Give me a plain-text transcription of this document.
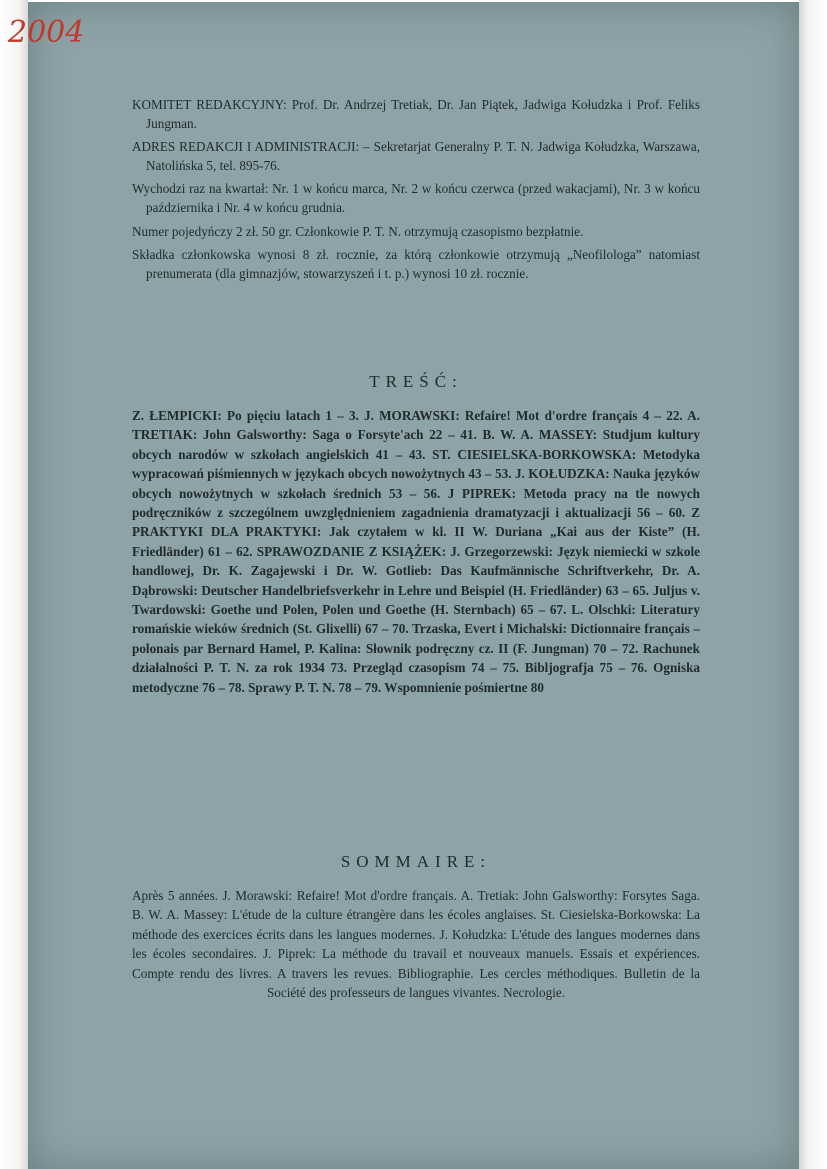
2004

KOMITET REDAKCYJNY: Prof. Dr. Andrzej Tretiak, Dr. Jan Piątek, Jadwiga Kołudzka i Prof. Feliks Jungman.

ADRES REDAKCJI I ADMINISTRACJI: – Sekretarjat Generalny P. T. N. Jadwiga Kołudzka, Warszawa, Natolińska 5, tel. 895-76.

Wychodzi raz na kwartał: Nr. 1 w końcu marca, Nr. 2 w końcu czerwca (przed wakacjami), Nr. 3 w końcu października i Nr. 4 w końcu grudnia.

Numer pojedyńczy 2 zł. 50 gr. Członkowie P. T. N. otrzymują czasopismo bezpłatnie.

Składka członkowska wynosi 8 zł. rocznie, za którą członkowie otrzymują „Neofilologa” natomiast prenumerata (dla gimnazjów, stowarzyszeń i t. p.) wynosi 10 zł. rocznie.

TREŚĆ:
Z. ŁEMPICKI: Po pięciu latach 1 – 3. J. MORAWSKI: Refaire! Mot d'ordre français 4 – 22. A. TRETIAK: John Galsworthy: Saga o Forsyte'ach 22 – 41. B. W. A. MASSEY: Studjum kultury obcych narodów w szkołach angielskich 41 – 43. ST. CIESIELSKA-BORKOWSKA: Metodyka wypracowań piśmiennych w językach obcych nowożytnych 43 – 53. J. KOŁUDZKA: Nauka języków obcych nowożytnych w szkołach średnich 53 – 56. J PIPREK: Metoda pracy na tle nowych podręczników z szczególnem uwzględnieniem zagadnienia dramatyzacji i aktualizacji 56 – 60. Z PRAKTYKI DLA PRAKTYKI: Jak czytałem w kl. II W. Duriana „Kai aus der Kiste” (H. Friedländer) 61 – 62. SPRAWOZDANIE Z KSIĄŻEK: J. Grzegorzewski: Język niemiecki w szkole handlowej, Dr. K. Zagajewski i Dr. W. Gotlieb: Das Kaufmännische Schriftverkehr, Dr. A. Dąbrowski: Deutscher Handelbriefsverkehr in Lehre und Beispiel (H. Friedländer) 63 – 65. Juljus v. Twardowski: Goethe und Polen, Polen und Goethe (H. Sternbach) 65 – 67. L. Olschki: Literatury romańskie wieków średnich (St. Glixelli) 67 – 70. Trzaska, Evert i Michalski: Dictionnaire français – polonais par Bernard Hamel, P. Kalina: Słownik podręczny cz. II (F. Jungman) 70 – 72. Rachunek działalności P. T. N. za rok 1934 73. Przegląd czasopism 74 – 75. Bibljografja 75 – 76. Ogniska metodyczne 76 – 78. Sprawy P. T. N. 78 – 79. Wspomnienie pośmiertne 80
SOMMAIRE:
Après 5 années. J. Morawski: Refaire! Mot d'ordre français. A. Tretiak: John Galsworthy: Forsytes Saga. B. W. A. Massey: L'étude de la culture étrangère dans les écoles anglaises. St. Ciesielska-Borkowska: La méthode des exercices écrits dans les langues modernes. J. Kołudzka: L'étude des langues modernes dans les écoles secondaires. J. Piprek: La méthode du travail et nouveaux manuels. Essais et expériences. Compte rendu des livres. A travers les revues. Bibliographie. Les cercles méthodiques. Bulletin de la Société des professeurs de langues vivantes. Necrologie.
